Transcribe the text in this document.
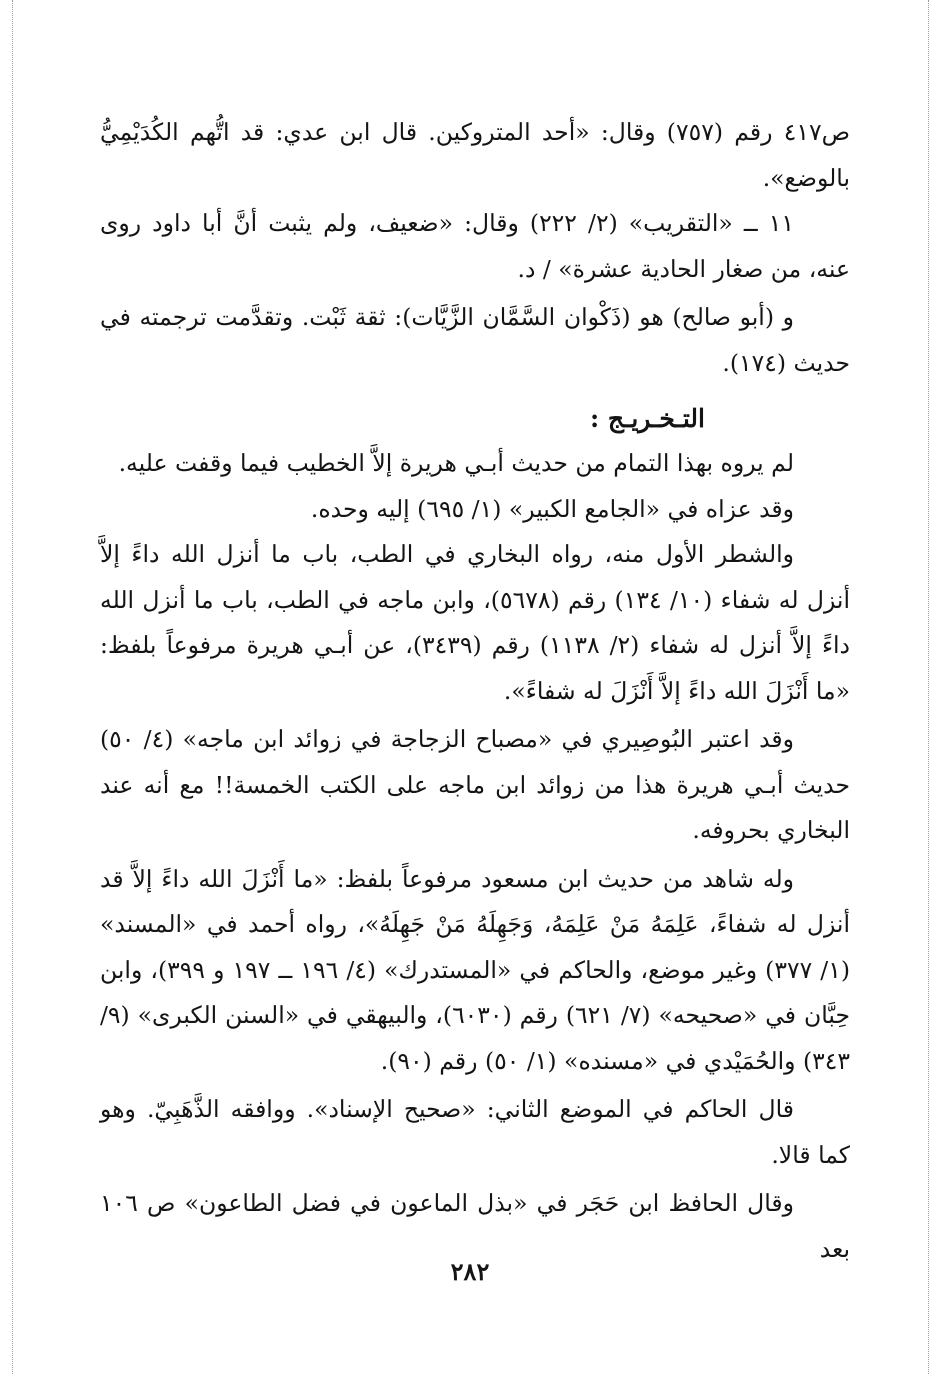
ص٤١٧ رقم (٧٥٧) وقال: «أحد المتروكين. قال ابن عدي: قد اتُّهم الكُدَيْمِيُّ بالوضع».

١١ ــ «التقريب» (٢/ ٢٢٢) وقال: «ضعيف، ولم يثبت أنَّ أبا داود روى عنه، من صغار الحادية عشرة» / د.

و (أبو صالح) هو (ذَكْوان السَّمَّان الزَّيَّات): ثقة ثَبْت. وتقدَّمت ترجمته في حديث (١٧٤).

التـخـريـج :

لم يروه بهذا التمام من حديث أبـي هريرة إلاَّ الخطيب فيما وقفت عليه.

وقد عزاه في «الجامع الكبير» (١/ ٦٩٥) إليه وحده.

والشطر الأول منه، رواه البخاري في الطب، باب ما أنزل الله داءً إلاَّ أنزل له شفاء (١٠/ ١٣٤) رقم (٥٦٧٨)، وابن ماجه في الطب، باب ما أنزل الله داءً إلاَّ أنزل له شفاء (٢/ ١١٣٨) رقم (٣٤٣٩)، عن أبـي هريرة مرفوعاً بلفظ: «ما أَنْزَلَ الله داءً إلاَّ أَنْزَلَ له شفاءً».

وقد اعتبر البُوصِيري في «مصباح الزجاجة في زوائد ابن ماجه» (٤/ ٥٠) حديث أبـي هريرة هذا من زوائد ابن ماجه على الكتب الخمسة!! مع أنه عند البخاري بحروفه.

وله شاهد من حديث ابن مسعود مرفوعاً بلفظ: «ما أَنْزَلَ الله داءً إلاَّ قد أنزل له شفاءً، عَلِمَهُ مَنْ عَلِمَهُ، وَجَهِلَهُ مَنْ جَهِلَهُ»، رواه أحمد في «المسند» (١/ ٣٧٧) وغير موضع، والحاكم في «المستدرك» (٤/ ١٩٦ ــ ١٩٧ و ٣٩٩)، وابن حِبَّان في «صحيحه» (٧/ ٦٢١) رقم (٦٠٣٠)، والبيهقي في «السنن الكبرى» (٩/ ٣٤٣) والحُمَيْدي في «مسنده» (١/ ٥٠) رقم (٩٠).

قال الحاكم في الموضع الثاني: «صحيح الإسناد». ووافقه الذَّهَبِيّ. وهو كما قالا.

وقال الحافظ ابن حَجَر في «بذل الماعون في فضل الطاعون» ص ١٠٦ بعد

٢٨٢
